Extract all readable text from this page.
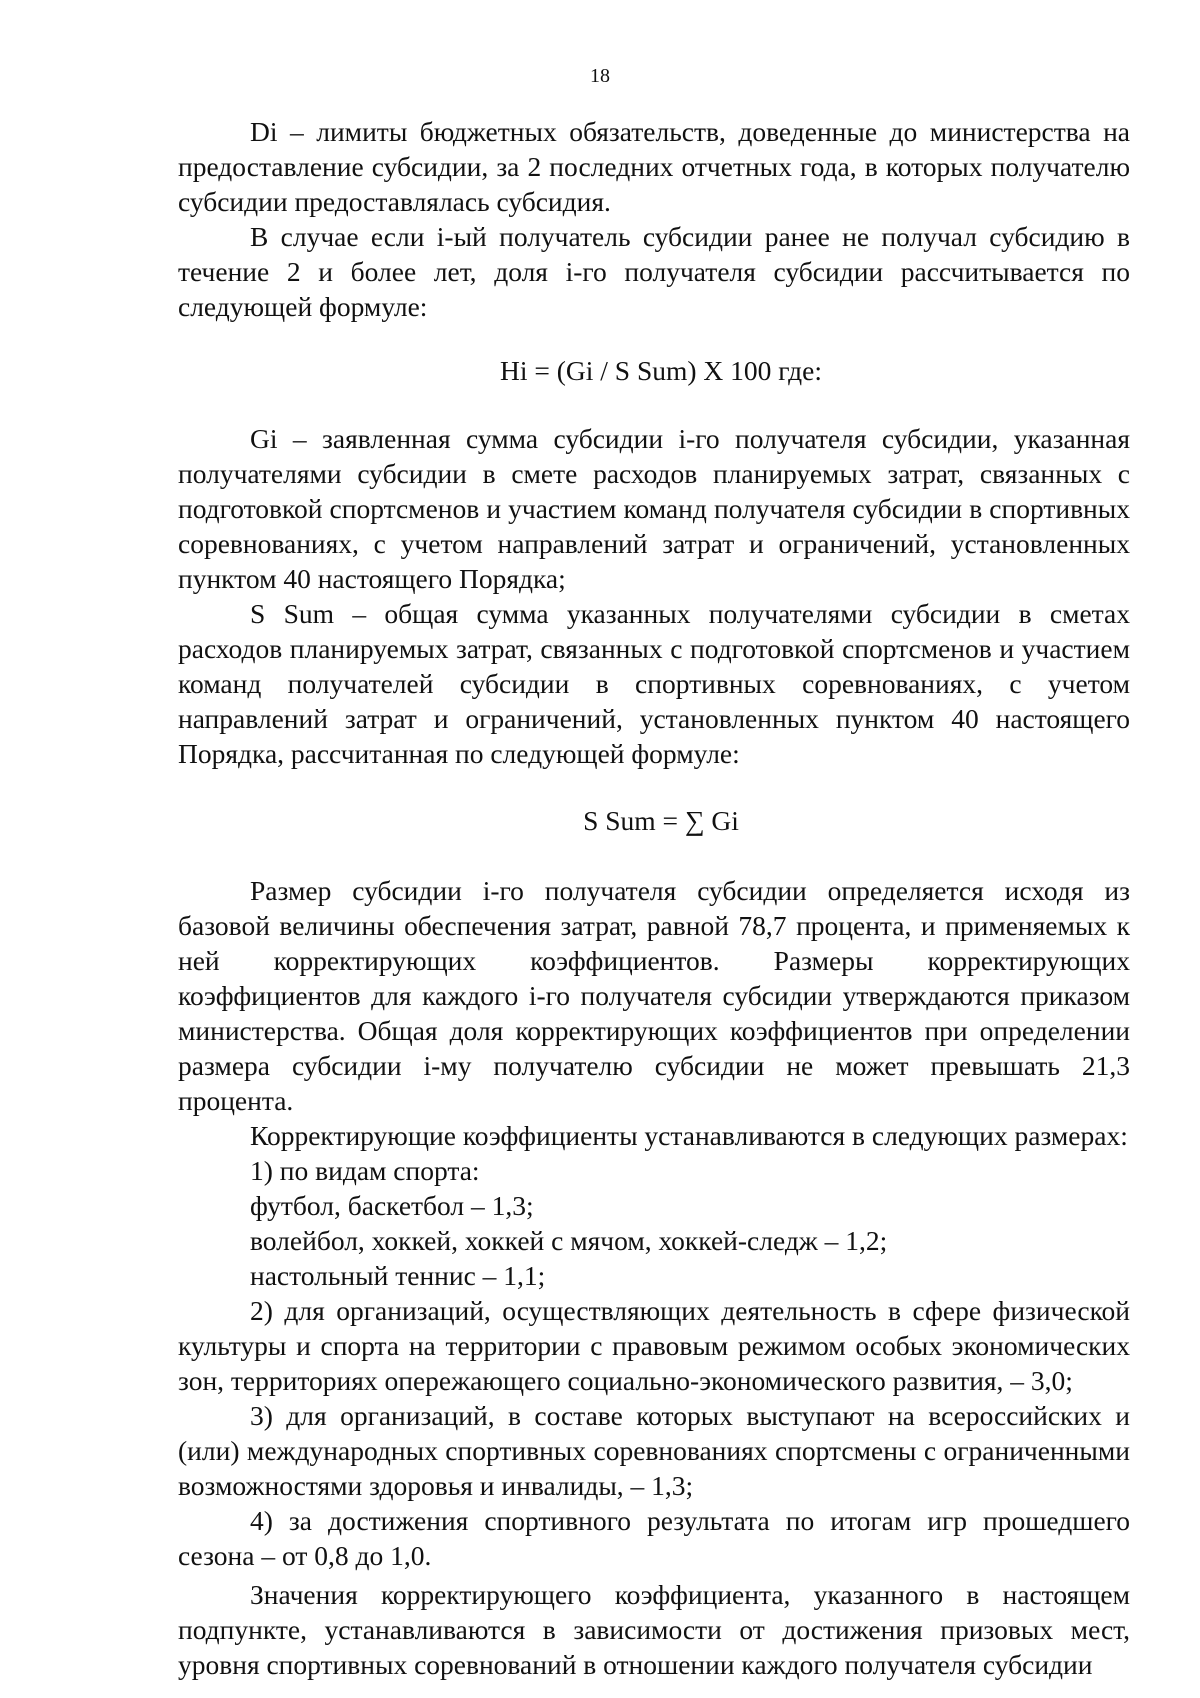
18

Di – лимиты бюджетных обязательств, доведенные до министерства на предоставление субсидии, за 2 последних отчетных года, в которых получателю субсидии предоставлялась субсидия.

В случае если i-ый получатель субсидии ранее не получал субсидию в течение 2 и более лет, доля i-го получателя субсидии рассчитывается по следующей формуле:

Hi = (Gi / S Sum) X 100 где:

Gi – заявленная сумма субсидии i-го получателя субсидии, указанная получателями субсидии в смете расходов планируемых затрат, связанных с подготовкой спортсменов и участием команд получателя субсидии в спортивных соревнованиях, с учетом направлений затрат и ограничений, установленных пунктом 40 настоящего Порядка;

S Sum – общая сумма указанных получателями субсидии в сметах расходов планируемых затрат, связанных с подготовкой спортсменов и участием команд получателей субсидии в спортивных соревнованиях, с учетом направлений затрат и ограничений, установленных пунктом 40 настоящего Порядка, рассчитанная по следующей формуле:

S Sum = ∑ Gi

Размер субсидии i-го получателя субсидии определяется исходя из базовой величины обеспечения затрат, равной 78,7 процента, и применяемых к ней корректирующих коэффициентов. Размеры корректирующих коэффициентов для каждого i-го получателя субсидии утверждаются приказом министерства. Общая доля корректирующих коэффициентов при определении размера субсидии i-му получателю субсидии не может превышать 21,3 процента.

Корректирующие коэффициенты устанавливаются в следующих размерах:

1) по видам спорта:

футбол, баскетбол – 1,3;

волейбол, хоккей, хоккей с мячом, хоккей-следж – 1,2;

настольный теннис – 1,1;

2) для организаций, осуществляющих деятельность в сфере физической культуры и спорта на территории с правовым режимом особых экономических зон, территориях опережающего социально-экономического развития, – 3,0;

3) для организаций, в составе которых выступают на всероссийских и (или) международных спортивных соревнованиях спортсмены с ограниченными возможностями здоровья и инвалиды, – 1,3;

4) за достижения спортивного результата по итогам игр прошедшего сезона – от 0,8 до 1,0.

Значения корректирующего коэффициента, указанного в настоящем подпункте, устанавливаются в зависимости от достижения призовых мест, уровня спортивных соревнований в отношении каждого получателя субсидии
